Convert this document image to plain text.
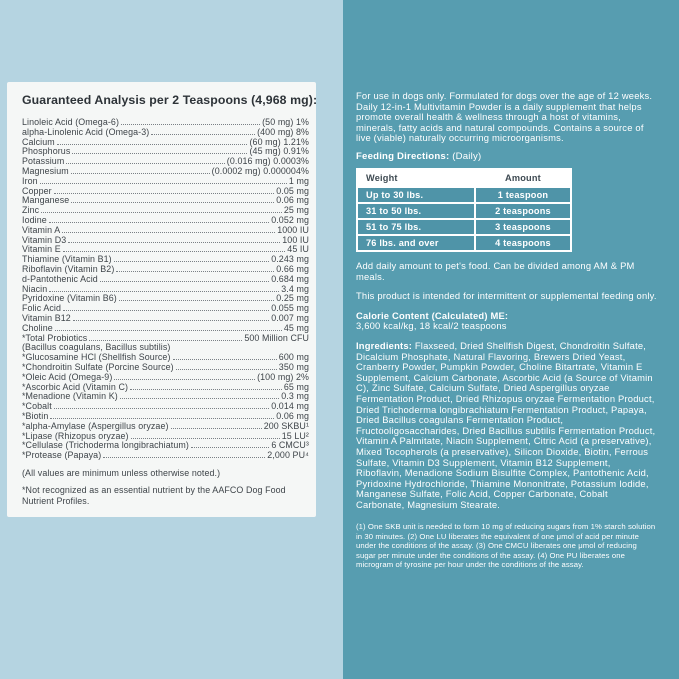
Guaranteed Analysis per 2 Teaspoons (4,968 mg):
Linoleic Acid (Omega-6)	(50 mg) 1%
alpha-Linolenic Acid (Omega-3)	(400 mg) 8%
Calcium	(60 mg) 1.21%
Phosphorus	(45 mg) 0.91%
Potassium	(0.016 mg) 0.0003%
Magnesium	(0.0002 mg) 0.000004%
Iron	1 mg
Copper	0.05 mg
Manganese	0.06 mg
Zinc	25 mg
Iodine	0.052 mg
Vitamin A	1000 IU
Vitamin D3	100 IU
Vitamin E	45 IU
Thiamine (Vitamin B1)	0.243 mg
Riboflavin (Vitamin B2)	0.66 mg
d-Pantothenic Acid	0.684 mg
Niacin	3.4 mg
Pyridoxine (Vitamin B6)	0.25 mg
Folic Acid	0.055 mg
Vitamin B12	0.007 mg
Choline	45 mg
*Total Probiotics	500 Million CFU
(Bacillus coagulans, Bacillus subtilis)
*Glucosamine HCl (Shellfish Source)	600 mg
*Chondroitin Sulfate (Porcine Source)	350 mg
*Oleic Acid (Omega-9)	(100 mg) 2%
*Ascorbic Acid (Vitamin C)	65 mg
*Menadione (Vitamin K)	0.3 mg
*Cobalt	0.014 mg
*Biotin	0.06 mg
*alpha-Amylase (Aspergillus oryzae)	200 SKBU¹
*Lipase (Rhizopus oryzae)	15 LU²
*Cellulase (Trichoderma longibrachiatum)	6 CMCU³
*Protease (Papaya)	2,000 PU⁴
(All values are minimum unless otherwise noted.)
*Not recognized as an essential nutrient by the AAFCO Dog Food Nutrient Profiles.

For use in dogs only. Formulated for dogs over the age of 12 weeks. Daily 12-in-1 Multivitamin Powder is a daily supplement that helps promote overall health & wellness through a host of vitamins, minerals, fatty acids and natural compounds. Contains a source of live (viable) naturally occurring microorganisms.

Feeding Directions: (Daily)

Weight	Amount
Up to 30 lbs.	1 teaspoon
31 to 50 lbs.	2 teaspoons
51 to 75 lbs.	3 teaspoons
76 lbs. and over	4 teaspoons

Add daily amount to pet's food. Can be divided among AM & PM meals.

This product is intended for intermittent or supplemental feeding only.

Calorie Content (Calculated) ME:

3,600 kcal/kg, 18 kcal/2 teaspoons

Ingredients: Flaxseed, Dried Shellfish Digest, Chondroitin Sulfate, Dicalcium Phosphate, Natural Flavoring, Brewers Dried Yeast, Cranberry Powder, Pumpkin Powder, Choline Bitartrate, Vitamin E Supplement, Calcium Carbonate, Ascorbic Acid (a Source of Vitamin C), Zinc Sulfate, Calcium Sulfate, Dried Aspergillus oryzae Fermentation Product, Dried Rhizopus oryzae Fermentation Product, Dried Trichoderma longibrachiatum Fermentation Product, Papaya, Dried Bacillus coagulans Fermentation Product, Fructooligosaccharides, Dried Bacillus subtilis Fermentation Product, Vitamin A Palmitate, Niacin Supplement, Citric Acid (a preservative), Mixed Tocopherols (a preservative), Silicon Dioxide, Biotin, Ferrous Sulfate, Vitamin D3 Supplement, Vitamin B12 Supplement, Riboflavin, Menadione Sodium Bisulfite Complex, Pantothenic Acid, Pyridoxine Hydrochloride, Thiamine Mononitrate, Potassium Iodide, Manganese Sulfate, Folic Acid, Copper Carbonate, Cobalt Carbonate, Magnesium Stearate.

(1) One SKB unit is needed to form 10 mg of reducing sugars from 1% starch solution in 30 minutes. (2) One LU liberates the equivalent of one μmol of acid per minute under the conditions of the assay. (3) One CMCU liberates one μmol of reducing sugar per minute under the conditions of the assay. (4) One PU liberates one microgram of tyrosine per hour under the conditions of the assay.
